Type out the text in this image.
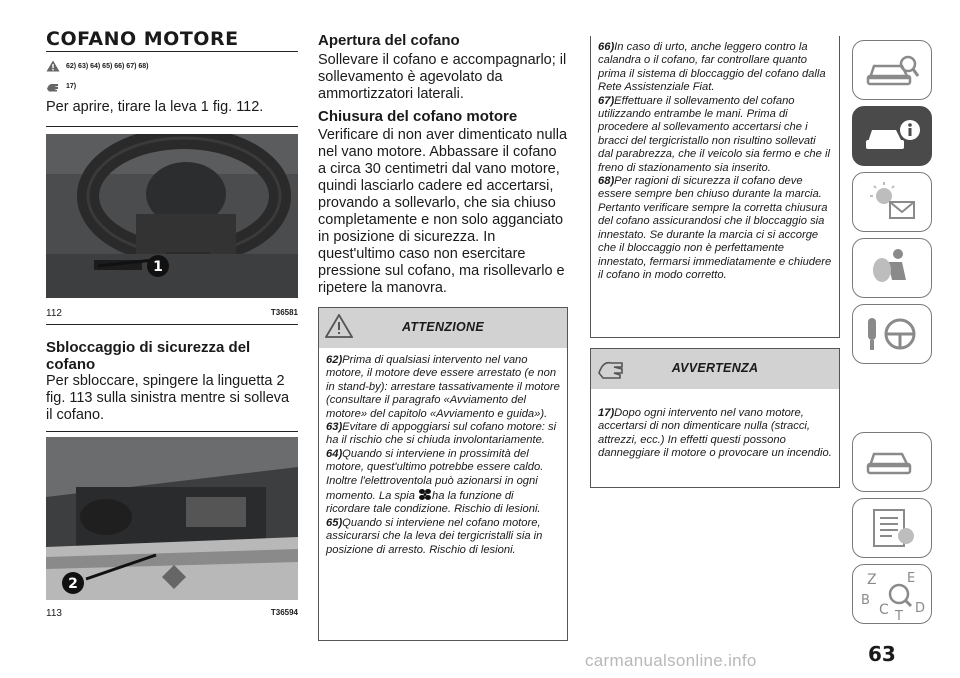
COFANO MOTORE
62) 63) 64) 65) 66) 67) 68)
17)

Per aprire, tirare la leva 1 fig. 112.

1
112	T36581
Sbloccaggio di sicurezza del cofano

Per sbloccare, spingere la linguetta 2 fig. 113 sulla sinistra mentre si solleva il cofano.

2
113	T36594
Apertura del cofano

Sollevare il cofano e accompagnarlo; il sollevamento è agevolato da ammortizzatori laterali.

Chiusura del cofano motore

Verificare di non aver dimenticato nulla nel vano motore. Abbassare il cofano a circa 30 centimetri dal vano motore, quindi lasciarlo cadere ed accertarsi, provando a sollevarlo, che sia chiuso completamente e non solo agganciato in posizione di sicurezza. In quest'ultimo caso non esercitare pressione sul cofano, ma risollevarlo e ripetere la manovra.

ATTENZIONE

62)Prima di qualsiasi intervento nel vano motore, il motore deve essere arrestato (e non in stand-by): arrestare tassativamente il motore (consultare il paragrafo «Avviamento del motore» del capitolo «Avviamento e guida»).

63)Evitare di appoggiarsi sul cofano motore: si ha il rischio che si chiuda involontariamente.

64)Quando si interviene in prossimità del motore, quest'ultimo potrebbe essere caldo. Inoltre l'elettroventola può azionarsi in ogni momento. La spia ha la funzione di ricordare tale condizione. Rischio di lesioni.

65)Quando si interviene nel cofano motore, assicurarsi che la leva dei tergicristalli sia in posizione di arresto. Rischio di lesioni.

66)In caso di urto, anche leggero contro la calandra o il cofano, far controllare quanto prima il sistema di bloccaggio del cofano dalla Rete Assistenziale Fiat.

67)Effettuare il sollevamento del cofano utilizzando entrambe le mani. Prima di procedere al sollevamento accertarsi che i bracci del tergicristallo non risultino sollevati dal parabrezza, che il veicolo sia fermo e che il freno di stazionamento sia inserito.

68)Per ragioni di sicurezza il cofano deve essere sempre ben chiuso durante la marcia. Pertanto verificare sempre la corretta chiusura del cofano assicurandosi che il bloccaggio sia innestato. Se durante la marcia ci si accorge che il bloccaggio non è perfettamente innestato, fermarsi immediatamente e chiudere il cofano in modo corretto.

AVVERTENZA

17)Dopo ogni intervento nel vano motore, accertarsi di non dimenticare nulla (stracci, attrezzi, ecc.) In effetti questi possono danneggiare il motore o provocare un incendio.

Z E
B
C D
T
63
carmanualsonline.info
